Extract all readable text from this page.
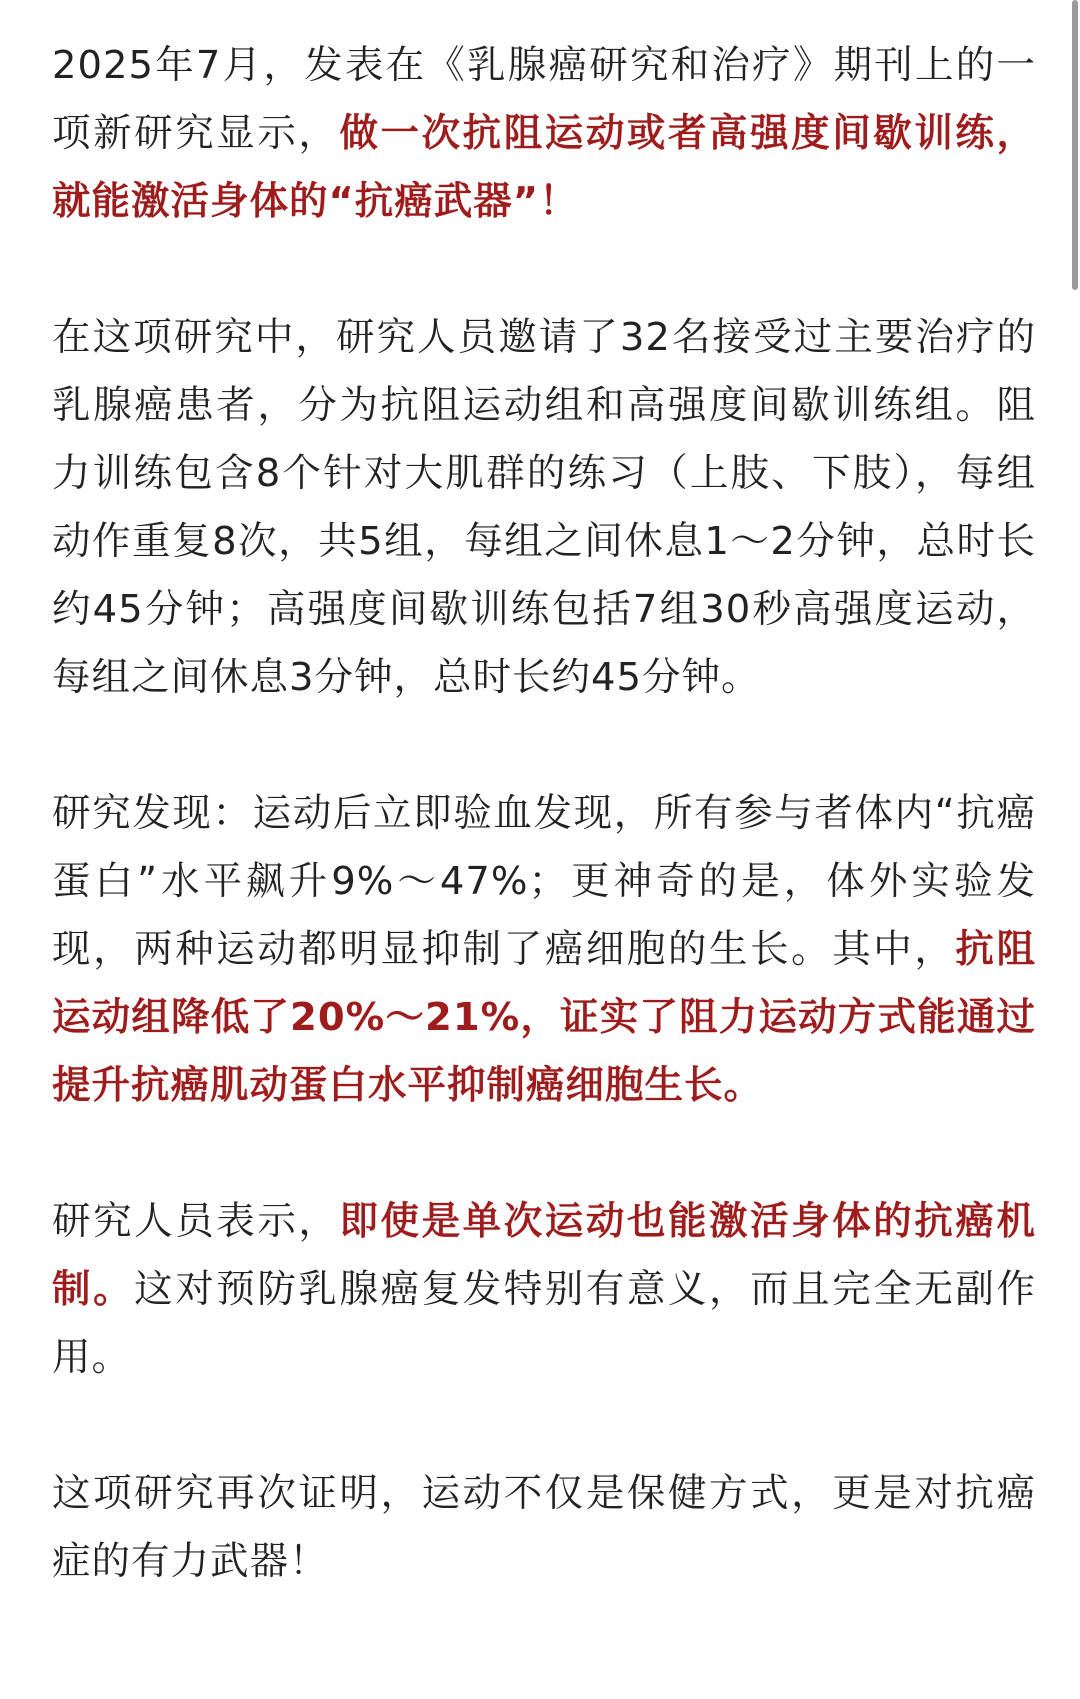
2025年7月，发表在《乳腺癌研究和治疗》期刊上的一项新研究显示，做一次抗阻运动或者高强度间歇训练，就能激活身体的“抗癌武器”！

在这项研究中，研究人员邀请了32名接受过主要治疗的乳腺癌患者，分为抗阻运动组和高强度间歇训练组。阻力训练包含8个针对大肌群的练习（上肢、下肢），每组动作重复8次，共5组，每组之间休息1～2分钟，总时长约45分钟；高强度间歇训练包括7组30秒高强度运动，每组之间休息3分钟，总时长约45分钟。

研究发现：运动后立即验血发现，所有参与者体内“抗癌蛋白”水平飙升9%～47%；更神奇的是，体外实验发现，两种运动都明显抑制了癌细胞的生长。其中，抗阻运动组降低了20%～21%，证实了阻力运动方式能通过提升抗癌肌动蛋白水平抑制癌细胞生长。

研究人员表示，即使是单次运动也能激活身体的抗癌机制。这对预防乳腺癌复发特别有意义，而且完全无副作用。

这项研究再次证明，运动不仅是保健方式，更是对抗癌症的有力武器！
